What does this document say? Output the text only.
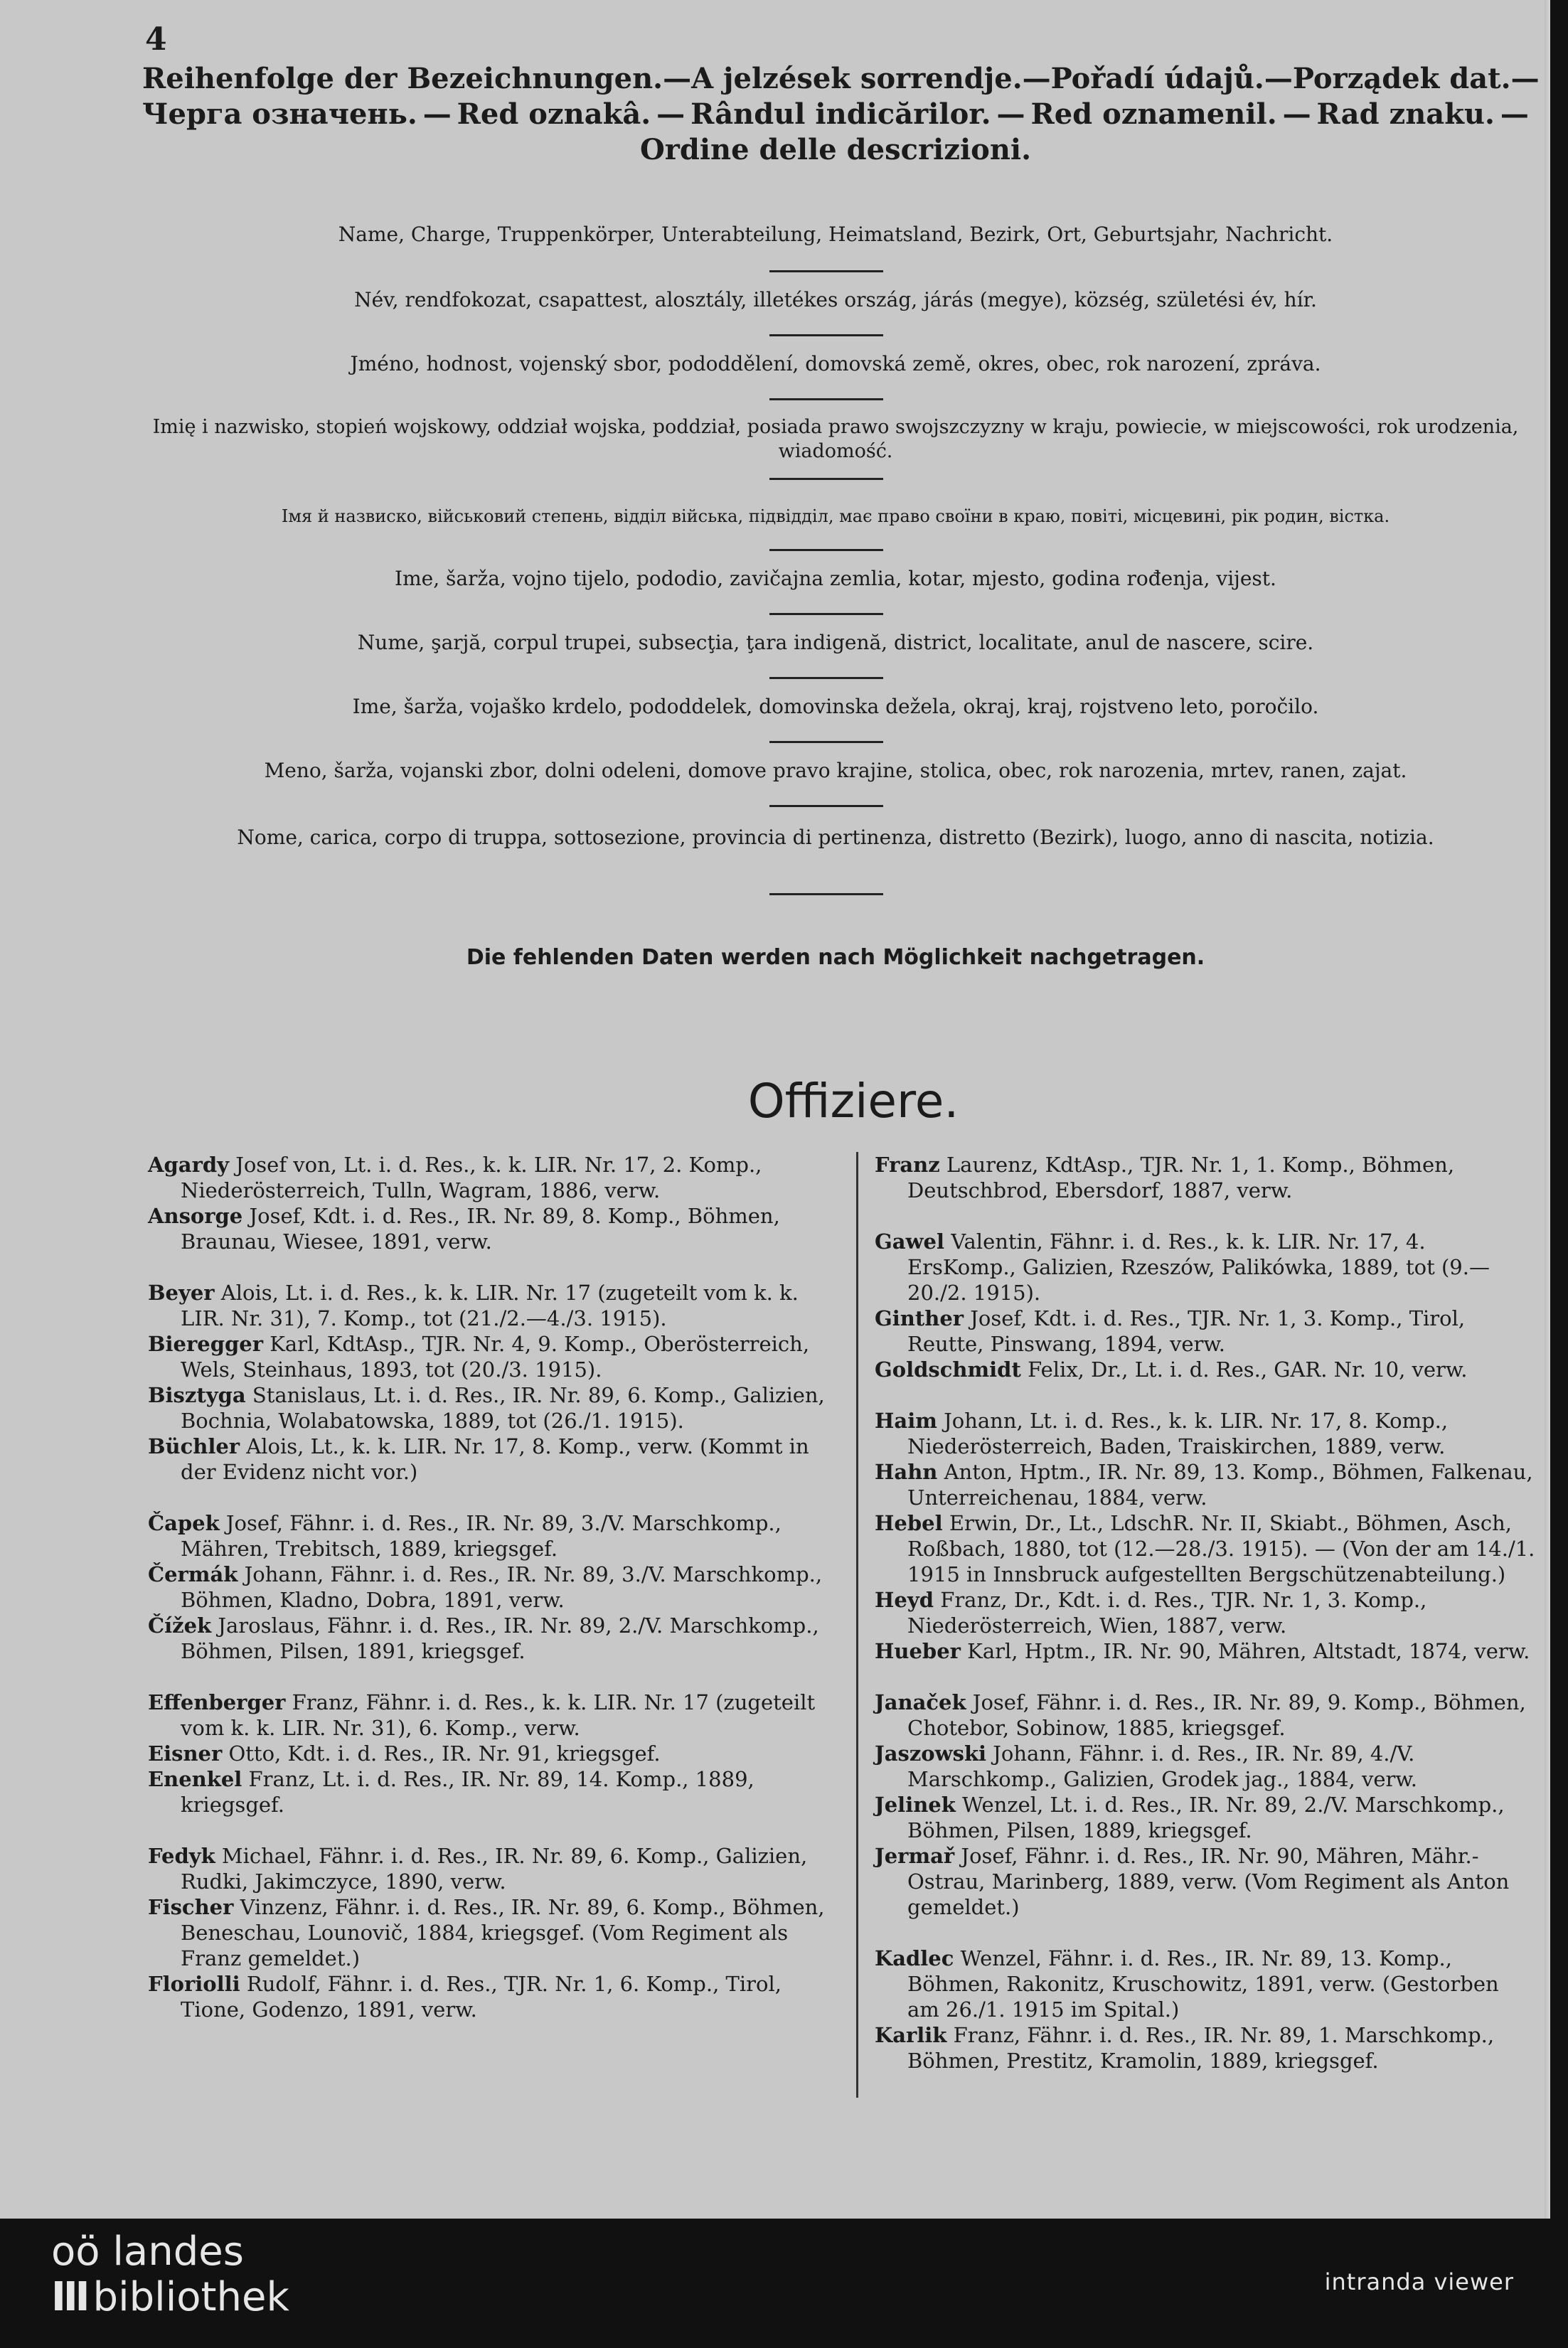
4
Reihenfolge der Bezeichnungen. — A jelzések sorrendje. — Pořadí údajů. — Porządek dat. —
Черга означень. — Red oznakâ. — Rândul indicărilor. — Red oznamenil. — Rad znaku. —
Ordine delle descrizioni.
Name, Charge, Truppenkörper, Unterabteilung, Heimatsland, Bezirk, Ort, Geburtsjahr, Nachricht.
Név, rendfokozat, csapattest, alosztály, illetékes ország, járás (megye), község, születési év, hír.
Jméno, hodnost, vojenský sbor, pododdělení, domovská země, okres, obec, rok narození, zpráva.
Imię i nazwisko, stopień wojskowy, oddział wojska, poddział, posiada prawo swojszczyzny w kraju, powiecie, w miejscowości, rok urodzenia, wiadomość.
Імя й назвиско, військовий степень, відділ війська, підвідділ, має право своїни в краю, повіті, місцевині, рік родин, вістка.
Ime, šarža, vojno tijelo, pododio, zavičajna zemlia, kotar, mjesto, godina rođenja, vijest.
Nume, şarjă, corpul trupei, subsecţia, ţara indigenă, district, localitate, anul de nascere, scire.
Ime, šarža, vojaško krdelo, pododdelek, domovinska dežela, okraj, kraj, rojstveno leto, poročilo.
Meno, šarža, vojanski zbor, dolni odeleni, domove pravo krajine, stolica, obec, rok narozenia, mrtev, ranen, zajat.
Nome, carica, corpo di truppa, sottosezione, provincia di pertinenza, distretto (Bezirk), luogo, anno di nascita, notizia.
Die fehlenden Daten werden nach Möglichkeit nachgetragen.
Offiziere.
Agardy Josef von, Lt. i. d. Res., k. k. LIR. Nr. 17, 2. Komp., Niederösterreich, Tulln, Wagram, 1886, verw.
Ansorge Josef, Kdt. i. d. Res., IR. Nr. 89, 8. Komp., Böhmen, Braunau, Wiesee, 1891, verw.
Beyer Alois, Lt. i. d. Res., k. k. LIR. Nr. 17 (zugeteilt vom k. k. LIR. Nr. 31), 7. Komp., tot (21./2.—4./3. 1915).
Bieregger Karl, KdtAsp., TJR. Nr. 4, 9. Komp., Oberösterreich, Wels, Steinhaus, 1893, tot (20./3. 1915).
Bisztyga Stanislaus, Lt. i. d. Res., IR. Nr. 89, 6. Komp., Galizien, Bochnia, Wolabatowska, 1889, tot (26./1. 1915).
Büchler Alois, Lt., k. k. LIR. Nr. 17, 8. Komp., verw. (Kommt in der Evidenz nicht vor.)
Čapek Josef, Fähnr. i. d. Res., IR. Nr. 89, 3./V. Marschkomp., Mähren, Trebitsch, 1889, kriegsgef.
Čermák Johann, Fähnr. i. d. Res., IR. Nr. 89, 3./V. Marschkomp., Böhmen, Kladno, Dobra, 1891, verw.
Čížek Jaroslaus, Fähnr. i. d. Res., IR. Nr. 89, 2./V. Marschkomp., Böhmen, Pilsen, 1891, kriegsgef.
Effenberger Franz, Fähnr. i. d. Res., k. k. LIR. Nr. 17 (zugeteilt vom k. k. LIR. Nr. 31), 6. Komp., verw.
Eisner Otto, Kdt. i. d. Res., IR. Nr. 91, kriegsgef.
Enenkel Franz, Lt. i. d. Res., IR. Nr. 89, 14. Komp., 1889, kriegsgef.
Fedyk Michael, Fähnr. i. d. Res., IR. Nr. 89, 6. Komp., Galizien, Rudki, Jakimczyce, 1890, verw.
Fischer Vinzenz, Fähnr. i. d. Res., IR. Nr. 89, 6. Komp., Böhmen, Beneschau, Lounovič, 1884, kriegsgef. (Vom Regiment als Franz gemeldet.)
Floriolli Rudolf, Fähnr. i. d. Res., TJR. Nr. 1, 6. Komp., Tirol, Tione, Godenzo, 1891, verw.
Franz Laurenz, KdtAsp., TJR. Nr. 1, 1. Komp., Böhmen, Deutschbrod, Ebersdorf, 1887, verw.
Gawel Valentin, Fähnr. i. d. Res., k. k. LIR. Nr. 17, 4. ErsKomp., Galizien, Rzeszów, Palikówka, 1889, tot (9.—20./2. 1915).
Ginther Josef, Kdt. i. d. Res., TJR. Nr. 1, 3. Komp., Tirol, Reutte, Pinswang, 1894, verw.
Goldschmidt Felix, Dr., Lt. i. d. Res., GAR. Nr. 10, verw.
Haim Johann, Lt. i. d. Res., k. k. LIR. Nr. 17, 8. Komp., Niederösterreich, Baden, Traiskirchen, 1889, verw.
Hahn Anton, Hptm., IR. Nr. 89, 13. Komp., Böhmen, Falkenau, Unterreichenau, 1884, verw.
Hebel Erwin, Dr., Lt., LdschR. Nr. II, Skiabt., Böhmen, Asch, Roßbach, 1880, tot (12.—28./3. 1915). — (Von der am 14./1. 1915 in Innsbruck aufgestellten Bergschützenabteilung.)
Heyd Franz, Dr., Kdt. i. d. Res., TJR. Nr. 1, 3. Komp., Niederösterreich, Wien, 1887, verw.
Hueber Karl, Hptm., IR. Nr. 90, Mähren, Altstadt, 1874, verw.
Janaček Josef, Fähnr. i. d. Res., IR. Nr. 89, 9. Komp., Böhmen, Chotebor, Sobinow, 1885, kriegsgef.
Jaszowski Johann, Fähnr. i. d. Res., IR. Nr. 89, 4./V. Marschkomp., Galizien, Grodek jag., 1884, verw.
Jelinek Wenzel, Lt. i. d. Res., IR. Nr. 89, 2./V. Marschkomp., Böhmen, Pilsen, 1889, kriegsgef.
Jermař Josef, Fähnr. i. d. Res., IR. Nr. 90, Mähren, Mähr.-Ostrau, Marinberg, 1889, verw. (Vom Regiment als Anton gemeldet.)
Kadlec Wenzel, Fähnr. i. d. Res., IR. Nr. 89, 13. Komp., Böhmen, Rakonitz, Kruschowitz, 1891, verw. (Gestorben am 26./1. 1915 im Spital.)
Karlik Franz, Fähnr. i. d. Res., IR. Nr. 89, 1. Marschkomp., Böhmen, Prestitz, Kramolin, 1889, kriegsgef.
oö landes
III bibliothek	intranda viewer
